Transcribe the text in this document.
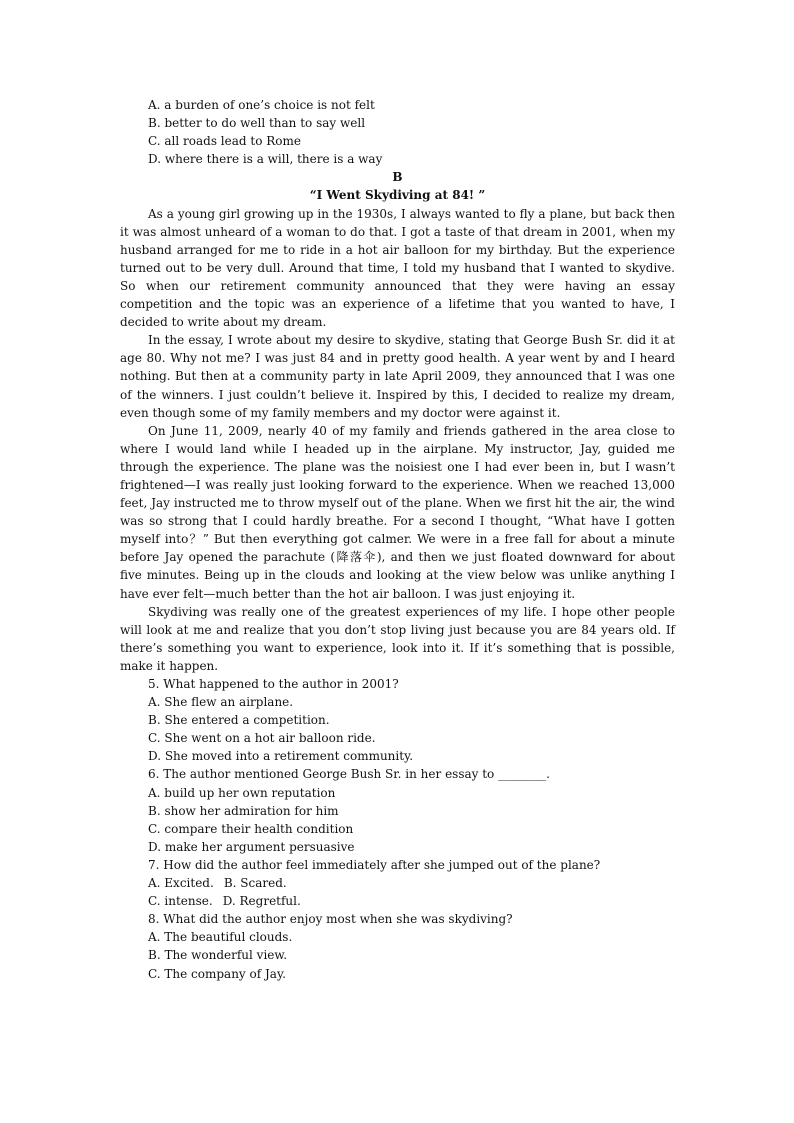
A. a burden of one’s choice is not felt
B. better to do well than to say well
C. all roads lead to Rome
D. where there is a will, there is a way
B
“I Went Skydiving at 84! ”

As a young girl growing up in the 1930s, I always wanted to fly a plane, but back then it was almost unheard of a woman to do that. I got a taste of that dream in 2001, when my husband arranged for me to ride in a hot air balloon for my birthday. But the experience turned out to be very dull. Around that time, I told my husband that I wanted to skydive. So when our retirement community announced that they were having an essay competition and the topic was an experience of a lifetime that you wanted to have, I decided to write about my dream.

In the essay, I wrote about my desire to skydive, stating that George Bush Sr. did it at age 80. Why not me? I was just 84 and in pretty good health. A year went by and I heard nothing. But then at a community party in late April 2009, they announced that I was one of the winners. I just couldn’t believe it. Inspired by this, I decided to realize my dream, even though some of my family members and my doctor were against it.

On June 11, 2009, nearly 40 of my family and friends gathered in the area close to where I would land while I headed up in the airplane. My instructor, Jay, guided me through the experience. The plane was the noisiest one I had ever been in, but I wasn’t frightened—I was really just looking forward to the experience. When we reached 13,000 feet, Jay instructed me to throw myself out of the plane. When we first hit the air, the wind was so strong that I could hardly breathe. For a second I thought, “What have I gotten myself into？” But then everything got calmer. We were in a free fall for about a minute before Jay opened the parachute (降落伞), and then we just floated downward for about five minutes. Being up in the clouds and looking at the view below was unlike anything I have ever felt—much better than the hot air balloon. I was just enjoying it.

Skydiving was really one of the greatest experiences of my life. I hope other people will look at me and realize that you don’t stop living just because you are 84 years old. If there’s something you want to experience, look into it. If it’s something that is possible, make it happen.

5. What happened to the author in 2001?
A. She flew an airplane.
B. She entered a competition.
C. She went on a hot air balloon ride.
D. She moved into a retirement community.
6. The author mentioned George Bush Sr. in her essay to ________.
A. build up her own reputation
B. show her admiration for him
C. compare their health condition
D. make her argument persuasive
7. How did the author feel immediately after she jumped out of the plane?
A. Excited. B. Scared.
C. intense. D. Regretful.
8. What did the author enjoy most when she was skydiving?
A. The beautiful clouds.
B. The wonderful view.
C. The company of Jay.
